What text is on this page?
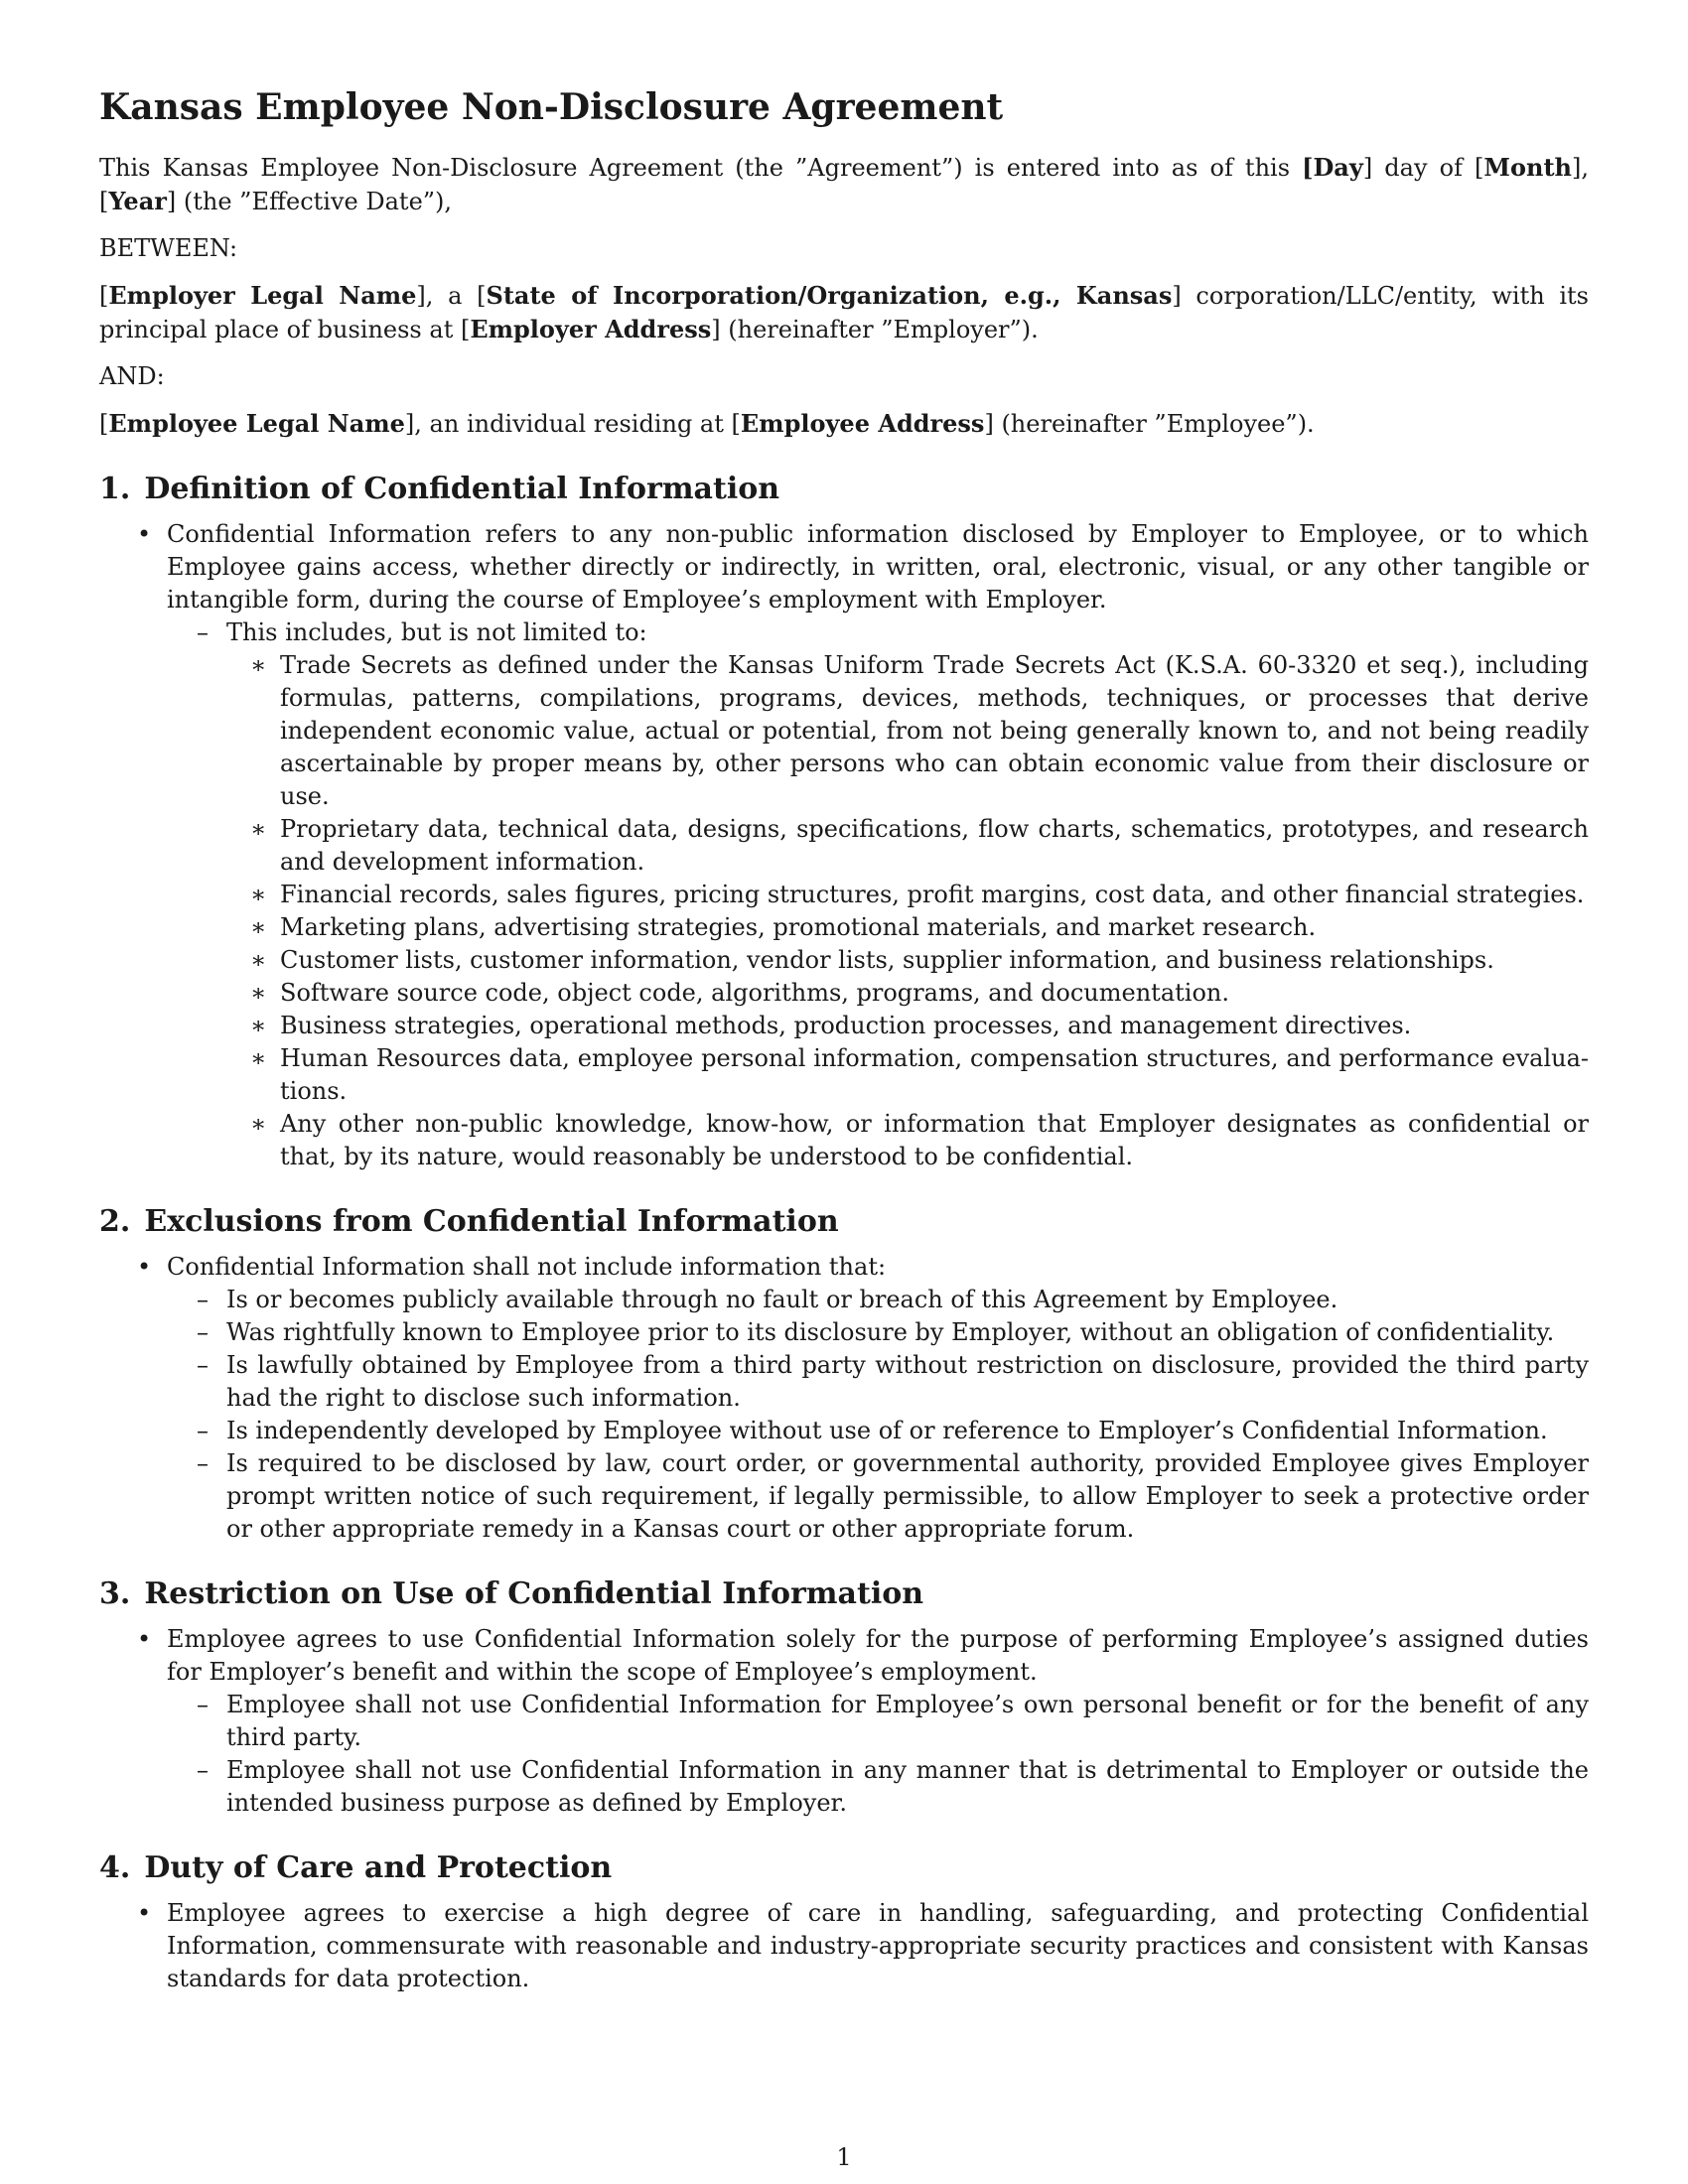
Kansas Employee Non-Disclosure Agreement

This Kansas Employee Non-Disclosure Agreement (the ”Agreement”) is entered into as of this [Day] day of [Month], [Year] (the ”Effective Date”),

BETWEEN:

[Employer Legal Name], a [State of Incorporation/Organization, e.g., Kansas] corporation/LLC/entity, with its principal place of business at [Employer Address] (hereinafter ”Employer”).

AND:

[Employee Legal Name], an individual residing at [Employee Address] (hereinafter ”Employee”).

1. Definition of Confidential Information
• Confidential Information refers to any non-public information disclosed by Employer to Employee, or to which Employee gains access, whether directly or indirectly, in written, oral, electronic, visual, or any other tangible or intangible form, during the course of Employee’s employment with Employer.
– This includes, but is not limited to:
∗ Trade Secrets as defined under the Kansas Uniform Trade Secrets Act (K.S.A. 60-3320 et seq.), including formulas, patterns, compilations, programs, devices, methods, techniques, or processes that derive independent economic value, actual or potential, from not being generally known to, and not being readily ascertainable by proper means by, other persons who can obtain economic value from their disclosure or use.
∗ Proprietary data, technical data, designs, specifications, flow charts, schematics, prototypes, and research and development information.
∗ Financial records, sales figures, pricing structures, profit margins, cost data, and other financial strategies.
∗ Marketing plans, advertising strategies, promotional materials, and market research.
∗ Customer lists, customer information, vendor lists, supplier information, and business relationships.
∗ Software source code, object code, algorithms, programs, and documentation.
∗ Business strategies, operational methods, production processes, and management directives.
∗ Human Resources data, employee personal information, compensation structures, and performance evalua-tions.
∗ Any other non-public knowledge, know-how, or information that Employer designates as confidential or that, by its nature, would reasonably be understood to be confidential.
2. Exclusions from Confidential Information
• Confidential Information shall not include information that:
– Is or becomes publicly available through no fault or breach of this Agreement by Employee.
– Was rightfully known to Employee prior to its disclosure by Employer, without an obligation of confidentiality.
– Is lawfully obtained by Employee from a third party without restriction on disclosure, provided the third party had the right to disclose such information.
– Is independently developed by Employee without use of or reference to Employer’s Confidential Information.
– Is required to be disclosed by law, court order, or governmental authority, provided Employee gives Employer prompt written notice of such requirement, if legally permissible, to allow Employer to seek a protective order or other appropriate remedy in a Kansas court or other appropriate forum.
3. Restriction on Use of Confidential Information
• Employee agrees to use Confidential Information solely for the purpose of performing Employee’s assigned duties for Employer’s benefit and within the scope of Employee’s employment.
– Employee shall not use Confidential Information for Employee’s own personal benefit or for the benefit of any third party.
– Employee shall not use Confidential Information in any manner that is detrimental to Employer or outside the intended business purpose as defined by Employer.
4. Duty of Care and Protection
• Employee agrees to exercise a high degree of care in handling, safeguarding, and protecting Confidential Information, commensurate with reasonable and industry-appropriate security practices and consistent with Kansas standards for data protection.
1
